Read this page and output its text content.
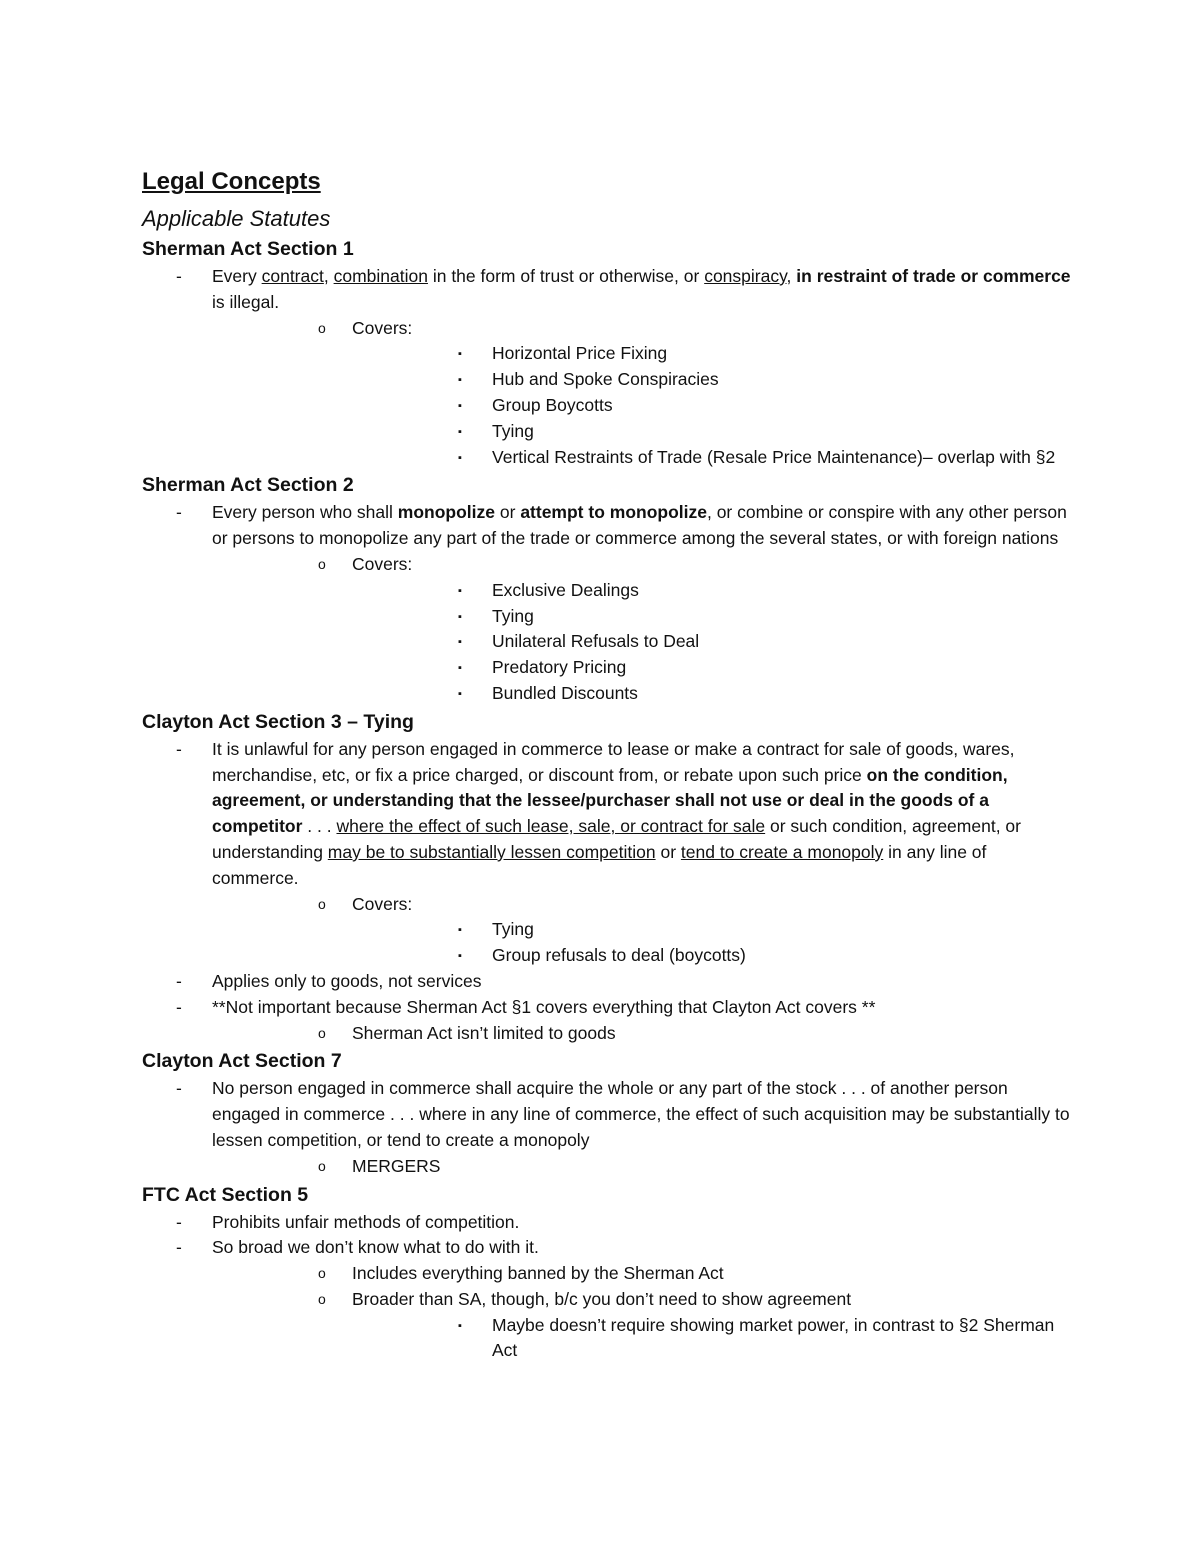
Legal Concepts
Applicable Statutes
Sherman Act Section 1
- Every contract, combination in the form of trust or otherwise, or conspiracy, in restraint of trade or commerce is illegal.
o Covers:
▪ Horizontal Price Fixing
▪ Hub and Spoke Conspiracies
▪ Group Boycotts
▪ Tying
▪ Vertical Restraints of Trade (Resale Price Maintenance)– overlap with §2
Sherman Act Section 2
- Every person who shall monopolize or attempt to monopolize, or combine or conspire with any other person or persons to monopolize any part of the trade or commerce among the several states, or with foreign nations
o Covers:
▪ Exclusive Dealings
▪ Tying
▪ Unilateral Refusals to Deal
▪ Predatory Pricing
▪ Bundled Discounts
Clayton Act Section 3 – Tying
- It is unlawful for any person engaged in commerce to lease or make a contract for sale of goods, wares, merchandise, etc, or fix a price charged, or discount from, or rebate upon such price on the condition, agreement, or understanding that the lessee/purchaser shall not use or deal in the goods of a competitor . . . where the effect of such lease, sale, or contract for sale or such condition, agreement, or understanding may be to substantially lessen competition or tend to create a monopoly in any line of commerce.
o Covers:
▪ Tying
▪ Group refusals to deal (boycotts)
- Applies only to goods, not services
- **Not important because Sherman Act §1 covers everything that Clayton Act covers **
o Sherman Act isn’t limited to goods
Clayton Act Section 7
- No person engaged in commerce shall acquire the whole or any part of the stock . . . of another person engaged in commerce . . . where in any line of commerce, the effect of such acquisition may be substantially to lessen competition, or tend to create a monopoly
o MERGERS
FTC Act Section 5
- Prohibits unfair methods of competition.
- So broad we don’t know what to do with it.
o Includes everything banned by the Sherman Act
o Broader than SA, though, b/c you don’t need to show agreement
▪ Maybe doesn’t require showing market power, in contrast to §2 Sherman Act
